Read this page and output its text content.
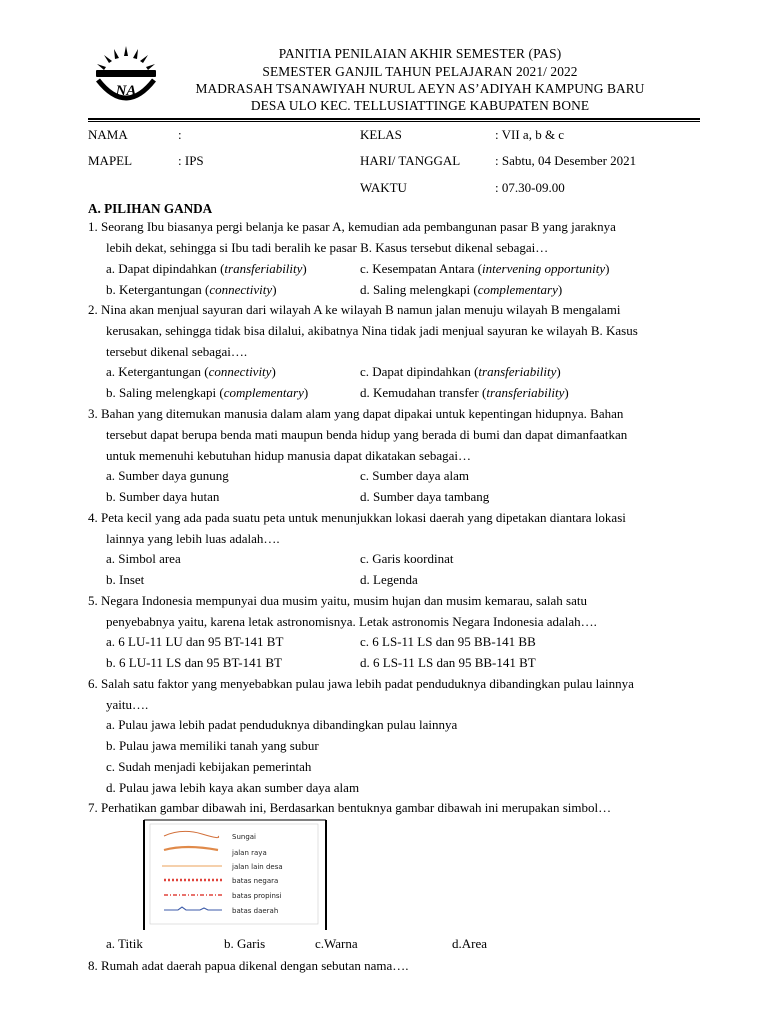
NA
NURULAEYN ASADIYAH
PANITIA PENILAIAN AKHIR SEMESTER (PAS)
SEMESTER GANJIL TAHUN PELAJARAN 2021/ 2022
MADRASAH TSANAWIYAH NURUL AEYN AS’ADIYAH KAMPUNG BARU
DESA ULO KEC. TELLUSIATTINGE KABUPATEN BONE
NAMA	:	KELAS	: VII a, b & c
MAPEL	: IPS	HARI/ TANGGAL	: Sabtu, 04 Desember 2021
WAKTU	: 07.30-09.00
A. PILIHAN GANDA
1. Seorang Ibu biasanya pergi belanja ke pasar A, kemudian ada pembangunan pasar B yang jaraknya
lebih dekat, sehingga si Ibu tadi beralih ke pasar B. Kasus tersebut dikenal sebagai…
a. Dapat dipindahkan (transferiability)	c. Kesempatan Antara (intervening opportunity)
b. Ketergantungan (connectivity)	d. Saling melengkapi (complementary)
2. Nina akan menjual sayuran dari wilayah A ke wilayah B namun jalan menuju wilayah B mengalami
kerusakan, sehingga tidak bisa dilalui, akibatnya Nina tidak jadi menjual sayuran ke wilayah B. Kasus
tersebut dikenal sebagai….
a. Ketergantungan (connectivity)	c. Dapat dipindahkan (transferiability)
b. Saling melengkapi (complementary)	d. Kemudahan transfer (transferiability)
3. Bahan yang ditemukan manusia dalam alam yang dapat dipakai untuk kepentingan hidupnya. Bahan
tersebut dapat berupa benda mati maupun benda hidup yang berada di bumi dan dapat dimanfaatkan
untuk memenuhi kebutuhan hidup manusia dapat dikatakan sebagai…
a. Sumber daya gunung	c. Sumber daya alam
b. Sumber daya hutan	d. Sumber daya tambang
4. Peta kecil yang ada pada suatu peta untuk menunjukkan lokasi daerah yang dipetakan diantara lokasi
lainnya yang lebih luas adalah….
a. Simbol area	c. Garis koordinat
b. Inset	d. Legenda
5. Negara Indonesia mempunyai dua musim yaitu, musim hujan dan musim kemarau, salah satu
penyebabnya yaitu, karena letak astronomisnya. Letak astronomis Negara Indonesia adalah….
a. 6 LU-11 LU dan 95 BT-141 BT	c. 6 LS-11 LS dan 95 BB-141 BB
b. 6 LU-11 LS dan 95 BT-141 BT	d. 6 LS-11 LS dan 95 BB-141 BT
6. Salah satu faktor yang menyebabkan pulau jawa lebih padat penduduknya dibandingkan pulau lainnya
yaitu….
a. Pulau jawa lebih padat penduduknya dibandingkan pulau lainnya
b. Pulau jawa memiliki tanah yang subur
c. Sudah menjadi kebijakan pemerintah
d. Pulau jawa lebih kaya akan sumber daya alam
7. Perhatikan gambar dibawah ini, Berdasarkan bentuknya gambar dibawah ini merupakan simbol…
Sungai
jalan raya
jalan lain desa
batas negara
batas propinsi
batas daerah
a. Titik	b. Garis	c.Warna	d.Area
8. Rumah adat daerah papua dikenal dengan sebutan nama….
